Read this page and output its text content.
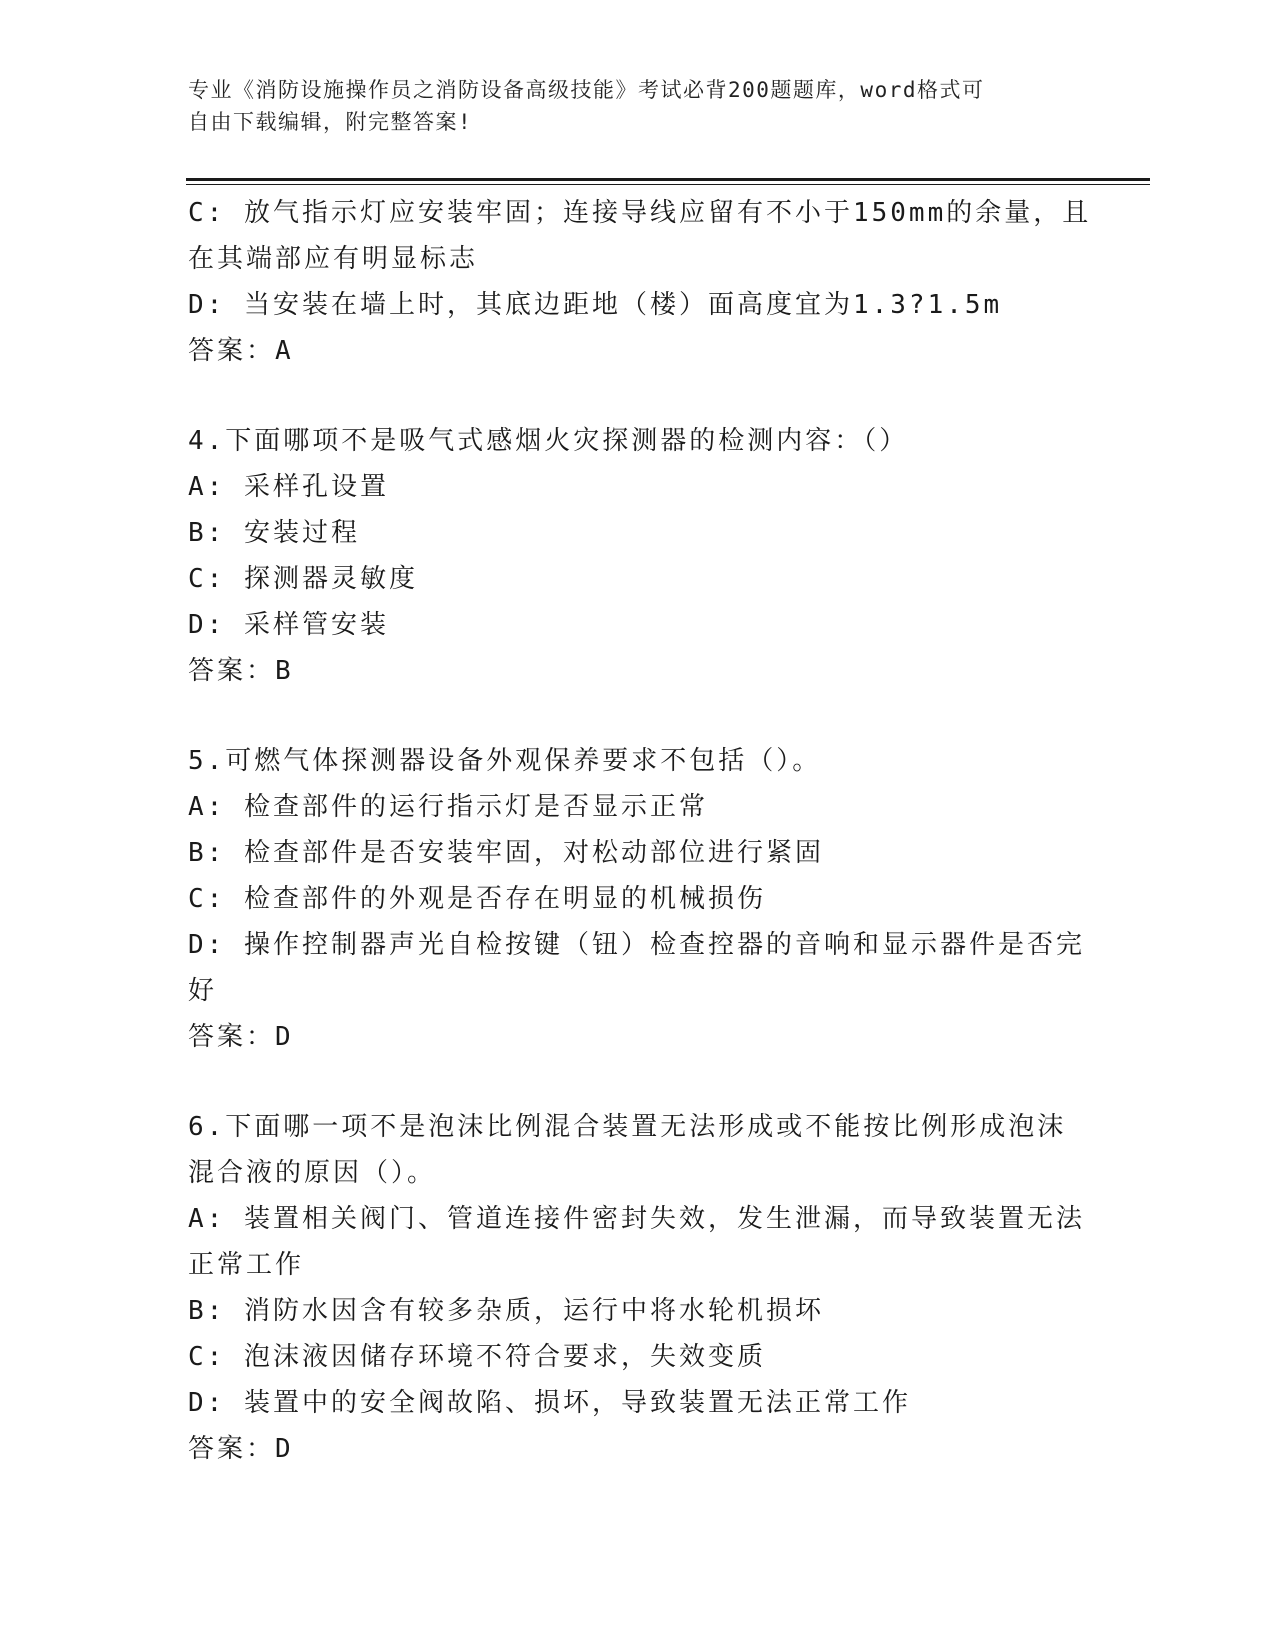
专业《消防设施操作员之消防设备高级技能》考试必背200题题库，word格式可
自由下载编辑，附完整答案!
C: 放气指示灯应安装牢固；连接导线应留有不小于150mm的余量，且
在其端部应有明显标志
D: 当安装在墙上时，其底边距地（楼）面高度宜为1.3?1.5m
答案：A
4.下面哪项不是吸气式感烟火灾探测器的检测内容：（）
A: 采样孔设置
B: 安装过程
C: 探测器灵敏度
D: 采样管安装
答案：B
5.可燃气体探测器设备外观保养要求不包括（）。
A: 检查部件的运行指示灯是否显示正常
B: 检查部件是否安装牢固，对松动部位进行紧固
C: 检查部件的外观是否存在明显的机械损伤
D: 操作控制器声光自检按键（钮）检查控器的音响和显示器件是否完
好
答案：D
6.下面哪一项不是泡沫比例混合装置无法形成或不能按比例形成泡沫
混合液的原因（）。
A: 装置相关阀门、管道连接件密封失效，发生泄漏，而导致装置无法
正常工作
B: 消防水因含有较多杂质，运行中将水轮机损坏
C: 泡沫液因储存环境不符合要求，失效变质
D: 装置中的安全阀故陷、损坏，导致装置无法正常工作
答案：D
